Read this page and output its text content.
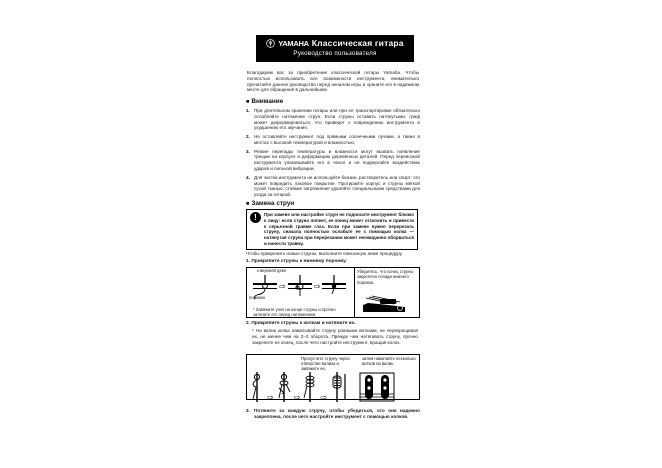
YAMAHA Классическая гитара
Руководство пользователя
Благодарим вас за приобретение классической гитары Yamaha. Чтобы полностью использовать все возможности инструмента, внимательно прочитайте данное руководство перед началом игры и храните его в надежном месте для обращения в дальнейшем.
■ Внимание
1. При длительном хранении гитары или при ее транспортировке обязательно ослабляйте натяжение струн. Если струны оставить натянутыми, гриф может деформироваться, что приведет к повреждению инструмента и ухудшению его звучания.
2. Не оставляйте инструмент под прямыми солнечными лучами, а также в местах с высокой температурой и влажностью.
3. Резкие перепады температуры и влажности могут вызвать появление трещин на корпусе и деформацию деревянных деталей. Перед перевозкой инструмента упаковывайте его в чехол и не подвергайте воздействию ударов и сильной вибрации.
4. Для чистки инструмента не используйте бензин, растворитель или спирт: это может повредить лаковое покрытие. Протирайте корпус и струны мягкой сухой тканью; стойкие загрязнения удаляйте специальными средствами для ухода за гитарой.
■ Замена струн
!	При замене или настройке струн не подносите инструмент близко к лицу: если струна лопнет, ее конец может отскочить и привести к серьезной травме глаз. Если при замене нужно перерезать струну, сначала полностью ослабьте ее с помощью колка — натянутая струна при перерезании может неожиданно оборваться и нанести травму.
Чтобы прикрепить новые струны, выполните описанную ниже процедуру.
1. Прикрепите струны к нижнему порожку.
к верхней деке
⇨	⇨
порожек
* Завяжите узел на конце струны и прочно затяните его перед натяжением.
Убедитесь, что конец струны закреплен позади нижнего порожка.
2. Прикрепите струны к колкам и натяните их.
* На валик колка наматывайте струну ровными витками, не перекрещивая их, не менее чем на 2–3 оборота. Прежде чем натягивать струну, прочно закрепите ее конец, после чего настройте инструмент, вращая колок.
Пропустите струну через отверстие валика и завяжите ее,
затем намотайте несколько витков на валик.
⇨	⇨	⇨
3. Потяните за каждую струну, чтобы убедиться, что она надежно закреплена, после чего настройте инструмент с помощью колков.
